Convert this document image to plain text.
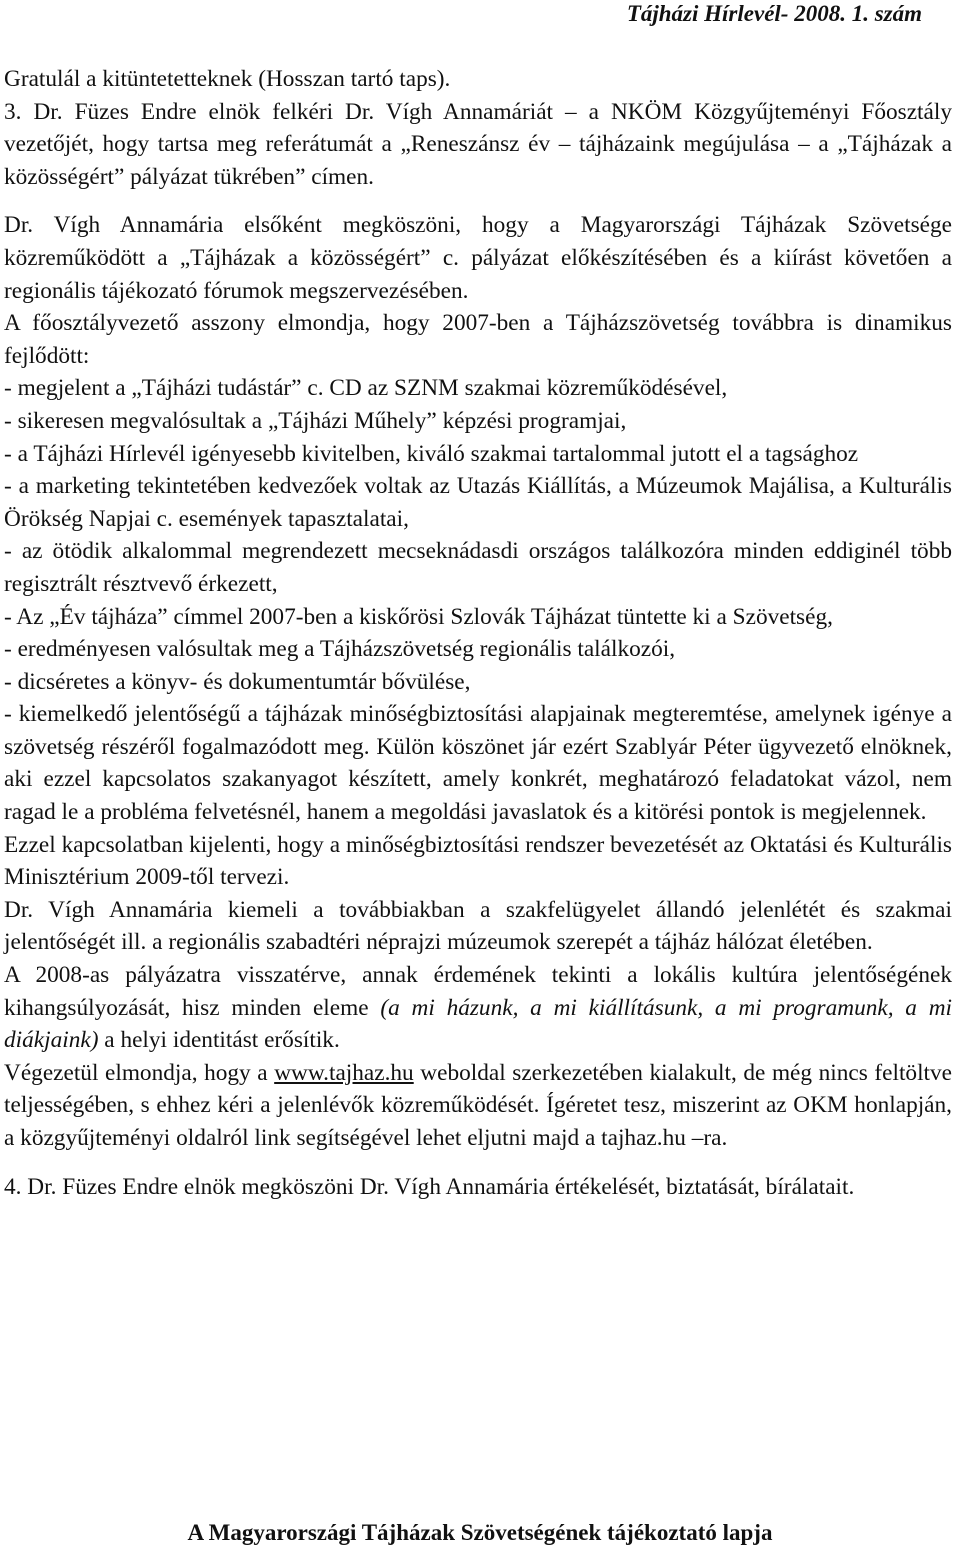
Tájházi Hírlevél- 2008. 1. szám

Gratulál a kitüntetetteknek (Hosszan tartó taps).

3. Dr. Füzes Endre elnök felkéri Dr. Vígh Annamáriát – a NKÖM Közgyűjteményi Főosztály vezetőjét, hogy tartsa meg referátumát a „Reneszánsz év – tájházaink megújulása – a „Tájházak a közösségért” pályázat tükrében” címen.

Dr. Vígh Annamária elsőként megköszöni, hogy a Magyarországi Tájházak Szövetsége közreműködött a „Tájházak a közösségért” c. pályázat előkészítésében és a kiírást követően a regionális tájékozató fórumok megszervezésében.

A főosztályvezető asszony elmondja, hogy 2007-ben a Tájházszövetség továbbra is dinamikus fejlődött:

- megjelent a „Tájházi tudástár” c. CD az SZNM szakmai közreműködésével,

- sikeresen megvalósultak a „Tájházi Műhely” képzési programjai,

- a Tájházi Hírlevél igényesebb kivitelben, kiváló szakmai tartalommal jutott el a tagsághoz

- a marketing tekintetében kedvezőek voltak az Utazás Kiállítás, a Múzeumok Majálisa, a Kulturális Örökség Napjai c. események tapasztalatai,

- az ötödik alkalommal megrendezett mecseknádasdi országos találkozóra minden eddiginél több regisztrált résztvevő érkezett,

- Az „Év tájháza” címmel 2007-ben a kiskőrösi Szlovák Tájházat tüntette ki a Szövetség,

- eredményesen valósultak meg a Tájházszövetség regionális találkozói,

- dicséretes a könyv- és dokumentumtár bővülése,

- kiemelkedő jelentőségű a tájházak minőségbiztosítási alapjainak megteremtése, amelynek igénye a szövetség részéről fogalmazódott meg. Külön köszönet jár ezért Szablyár Péter ügyvezető elnöknek, aki ezzel kapcsolatos szakanyagot készített, amely konkrét, meghatározó feladatokat vázol, nem ragad le a probléma felvetésnél, hanem a megoldási javaslatok és a kitörési pontok is megjelennek.

Ezzel kapcsolatban kijelenti, hogy a minőségbiztosítási rendszer bevezetését az Oktatási és Kulturális Minisztérium 2009-től tervezi.

Dr. Vígh Annamária kiemeli a továbbiakban a szakfelügyelet állandó jelenlétét és szakmai jelentőségét ill. a regionális szabadtéri néprajzi múzeumok szerepét a tájház hálózat életében.

A 2008-as pályázatra visszatérve, annak érdemének tekinti a lokális kultúra jelentőségének kihangsúlyozását, hisz minden eleme (a mi házunk, a mi kiállításunk, a mi programunk, a mi diákjaink) a helyi identitást erősítik.

Végezetül elmondja, hogy a www.tajhaz.hu weboldal szerkezetében kialakult, de még nincs feltöltve teljességében, s ehhez kéri a jelenlévők közreműködését. Ígéretet tesz, miszerint az OKM honlapján, a közgyűjteményi oldalról link segítségével lehet eljutni majd a tajhaz.hu –ra.

4. Dr. Füzes Endre elnök megköszöni Dr. Vígh Annamária értékelését, biztatását, bírálatait.

A Magyarországi Tájházak Szövetségének tájékoztató lapja
